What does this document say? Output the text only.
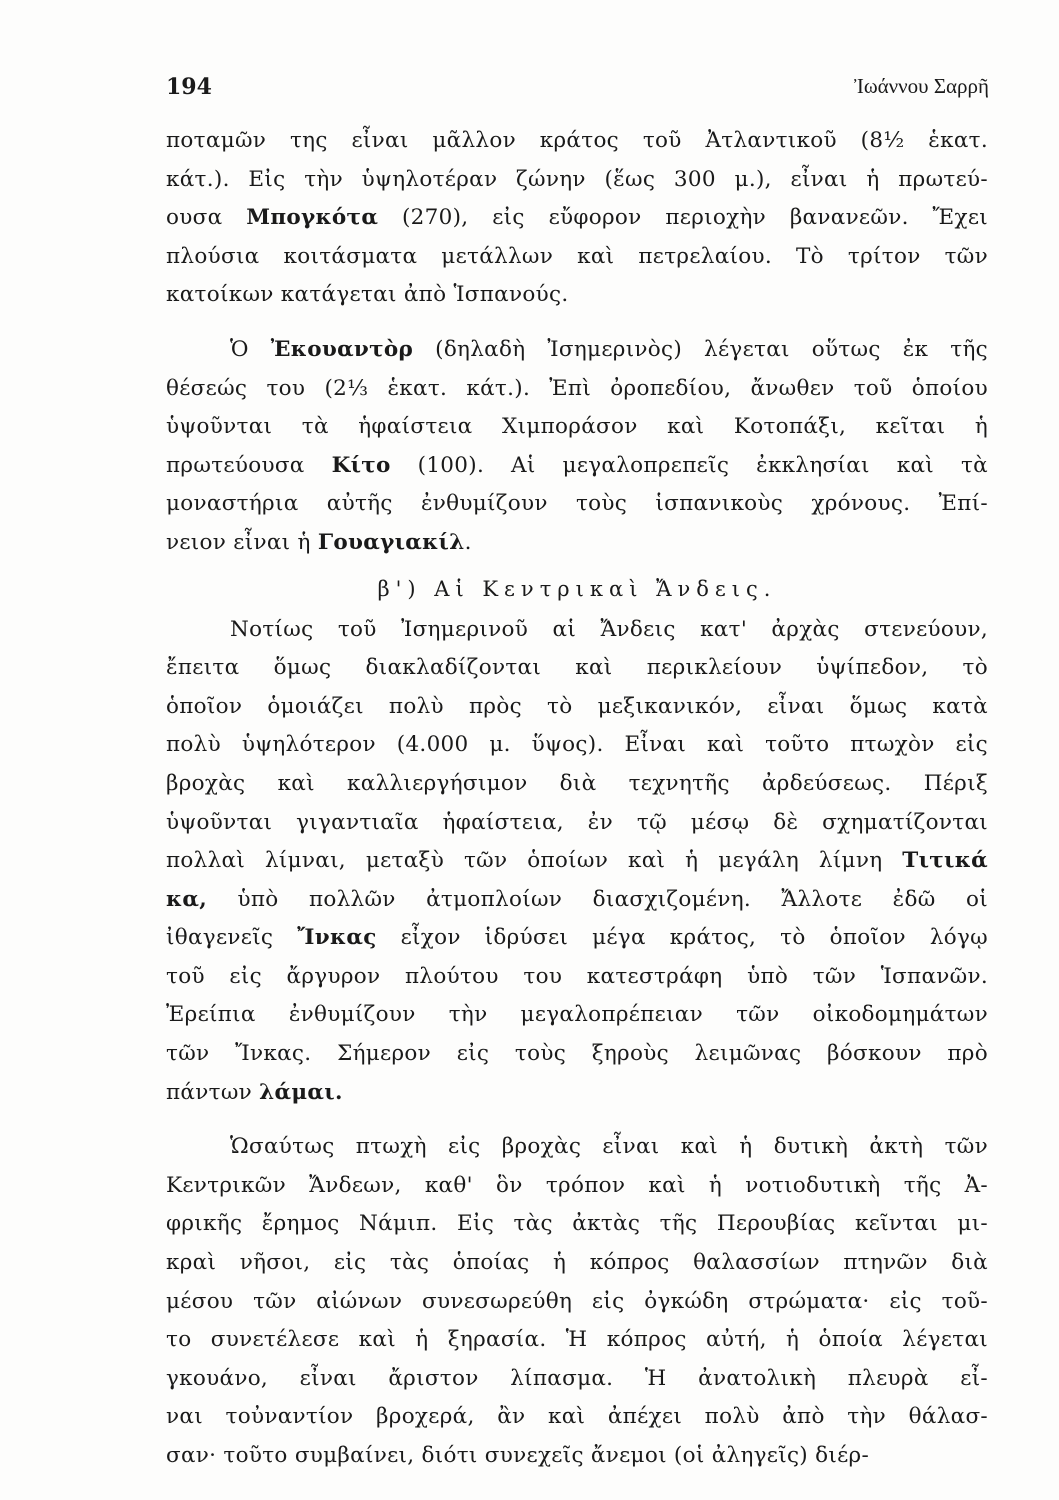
194	Ἰωάννου Σαρρῆ
ποταμῶν της εἶναι μᾶλλον κράτος τοῦ Ἀτλαντικοῦ (8½ ἑκατ.
κάτ.). Εἰς τὴν ὑψηλοτέραν ζώνην (ἕως 300 μ.), εἶναι ἡ πρωτεύ-
ουσα Μπογκότα (270), εἰς εὔφορον περιοχὴν βανανεῶν. Ἔχει
πλούσια κοιτάσματα μετάλλων καὶ πετρελαίου. Τὸ τρίτον τῶν
κατοίκων κατάγεται ἀπὸ Ἱσπανούς.
Ὁ Ἐκουαντὸρ (δηλαδὴ Ἰσημερινὸς) λέγεται οὕτως ἐκ τῆς
θέσεώς του (2⅓ ἑκατ. κάτ.). Ἐπὶ ὀροπεδίου, ἄνωθεν τοῦ ὁποίου
ὑψοῦνται τὰ ἡφαίστεια Χιμποράσον καὶ Κοτοπάξι, κεῖται ἡ
πρωτεύουσα Κίτο (100). Αἱ μεγαλοπρεπεῖς ἐκκλησίαι καὶ τὰ
μοναστήρια αὐτῆς ἐνθυμίζουν τοὺς ἱσπανικοὺς χρόνους. Ἐπί-
νειον εἶναι ἡ Γουαγιακίλ.
β') Αἱ Κεντρικαὶ Ἄνδεις.
Νοτίως τοῦ Ἰσημερινοῦ αἱ Ἄνδεις κατ' ἀρχὰς στενεύουν,
ἔπειτα ὅμως διακλαδίζονται καὶ περικλείουν ὑψίπεδον, τὸ
ὁποῖον ὁμοιάζει πολὺ πρὸς τὸ μεξικανικόν, εἶναι ὅμως κατὰ
πολὺ ὑψηλότερον (4.000 μ. ὕψος). Εἶναι καὶ τοῦτο πτωχὸν εἰς
βροχὰς καὶ καλλιεργήσιμον διὰ τεχνητῆς ἀρδεύσεως. Πέριξ
ὑψοῦνται γιγαντιαῖα ἡφαίστεια, ἐν τῷ μέσῳ δὲ σχηματίζονται
πολλαὶ λίμναι, μεταξὺ τῶν ὁποίων καὶ ἡ μεγάλη λίμνη Τιτικά
κα, ὑπὸ πολλῶν ἀτμοπλοίων διασχιζομένη. Ἄλλοτε ἐδῶ οἱ
ἰθαγενεῖς Ἴνκας εἶχον ἱδρύσει μέγα κράτος, τὸ ὁποῖον λόγῳ
τοῦ εἰς ἄργυρον πλούτου του κατεστράφη ὑπὸ τῶν Ἱσπανῶν.
Ἐρείπια ἐνθυμίζουν τὴν μεγαλοπρέπειαν τῶν οἰκοδομημάτων
τῶν Ἴνκας. Σήμερον εἰς τοὺς ξηροὺς λειμῶνας βόσκουν πρὸ
πάντων λάμαι.
Ὡσαύτως πτωχὴ εἰς βροχὰς εἶναι καὶ ἡ δυτικὴ ἀκτὴ τῶν
Κεντρικῶν Ἄνδεων, καθ' ὃν τρόπον καὶ ἡ νοτιοδυτικὴ τῆς Ἀ-
φρικῆς ἔρημος Νάμιπ. Εἰς τὰς ἀκτὰς τῆς Περουβίας κεῖνται μι-
κραὶ νῆσοι, εἰς τὰς ὁποίας ἡ κόπρος θαλασσίων πτηνῶν διὰ
μέσου τῶν αἰώνων συνεσωρεύθη εἰς ὀγκώδη στρώματα· εἰς τοῦ-
το συνετέλεσε καὶ ἡ ξηρασία. Ἡ κόπρος αὐτή, ἡ ὁποία λέγεται
γκουάνο, εἶναι ἄριστον λίπασμα. Ἡ ἀνατολικὴ πλευρὰ εἶ-
ναι τοὐναντίον βροχερά, ἂν καὶ ἀπέχει πολὺ ἀπὸ τὴν θάλασ-
σαν· τοῦτο συμβαίνει, διότι συνεχεῖς ἄνεμοι (οἱ ἀληγεῖς) διέρ-
